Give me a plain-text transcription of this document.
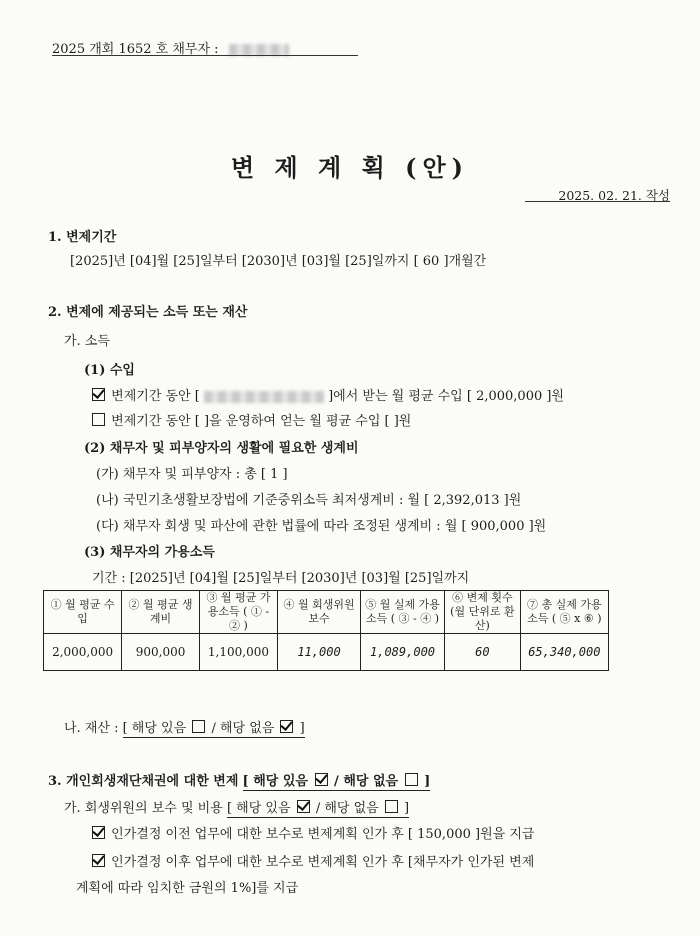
2025 개회 1652 호 채무자 :
변 제 계 획 (안)
2025. 02. 21. 작성
1. 변제기간
[2025]년 [04]월 [25]일부터 [2030]년 [03]월 [25]일까지 [ 60 ]개월간
2. 변제에 제공되는 소득 또는 재산
가. 소득
(1) 수입
변제기간 동안 [	]에서 받는 월 평균 수입 [ 2,000,000 ]원
변제기간 동안 [ ]을 운영하여 얻는 월 평균 수입 [ ]원
(2) 채무자 및 피부양자의 생활에 필요한 생계비
(가) 채무자 및 피부양자 : 총 [ 1 ]
(나) 국민기초생활보장법에 기준중위소득 최저생계비 : 월 [ 2,392,013 ]원
(다) 채무자 회생 및 파산에 관한 법률에 따라 조정된 생계비 : 월 [ 900,000 ]원
(3) 채무자의 가용소득
기간 : [2025]년 [04]월 [25]일부터 [2030]년 [03]월 [25]일까지
① 월 평균 수입	② 월 평균 생계비	③ 월 평균 가용소득 ( ① - ② )	④ 월 회생위원 보수	⑤ 월 실제 가용소득 ( ③ - ④ )	⑥ 변제 횟수 (월 단위로 환산)	⑦ 총 실제 가용소득 ( ⑤ x ⑥ )
2,000,000	900,000	1,100,000	11,000	1,089,000	60	65,340,000
나. 재산 : [ 해당 있음 / 해당 없음 ]
3. 개인회생재단채권에 대한 변제 [ 해당 있음 / 해당 없음 ]
가. 회생위원의 보수 및 비용 [ 해당 있음 / 해당 없음 ]
인가결정 이전 업무에 대한 보수로 변제계획 인가 후 [ 150,000 ]원을 지급
인가결정 이후 업무에 대한 보수로 변제계획 인가 후 [채무자가 인가된 변제
계획에 따라 임치한 금원의 1%]를 지급
